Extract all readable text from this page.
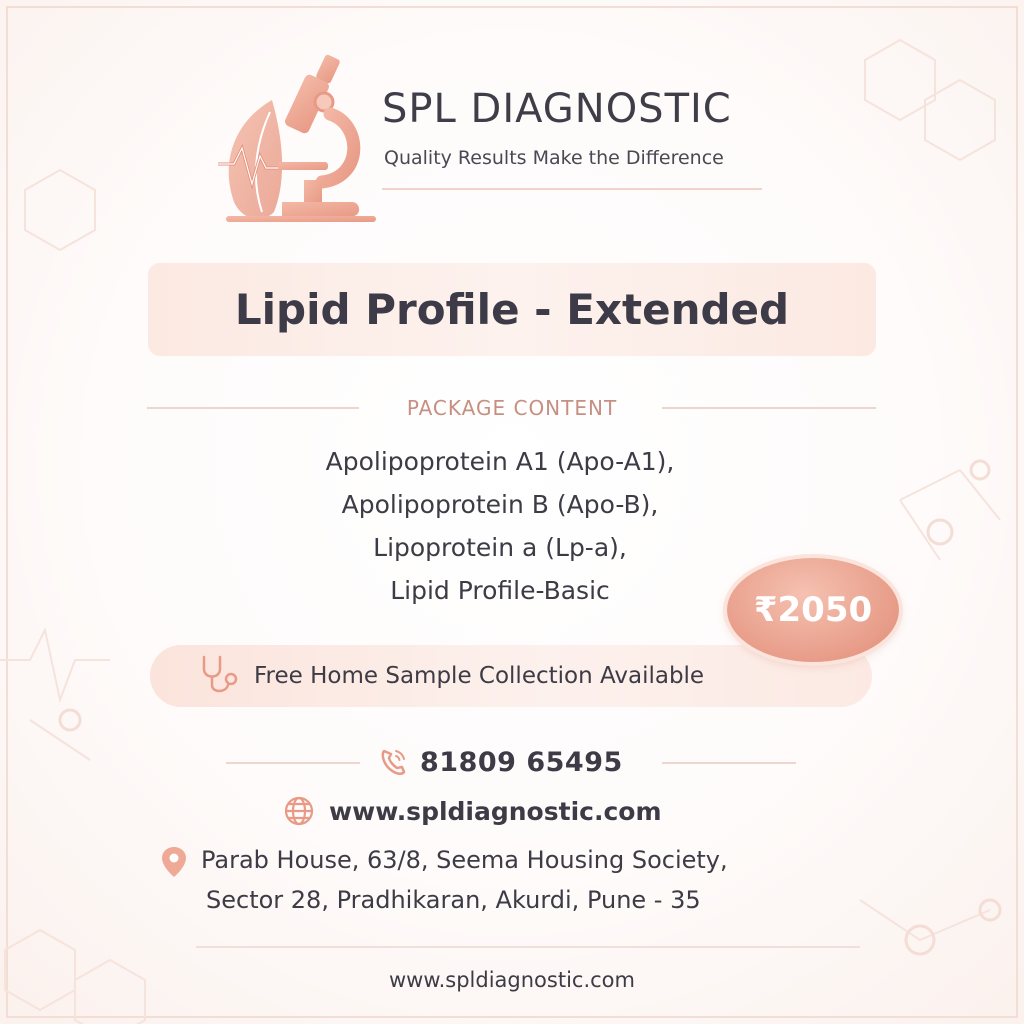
SPL DIAGNOSTIC
Quality Results Make the Difference
Lipid Profile - Extended
PACKAGE CONTENT
Apolipoprotein A1 (Apo-A1),
Apolipoprotein B (Apo-B),
Lipoprotein a (Lp-a),
Lipid Profile-Basic
Free Home Sample Collection Available
₹2050
81809 65495
www.spldiagnostic.com
Parab House, 63/8, Seema Housing Society,
Sector 28, Pradhikaran, Akurdi, Pune - 35
www.spldiagnostic.com
